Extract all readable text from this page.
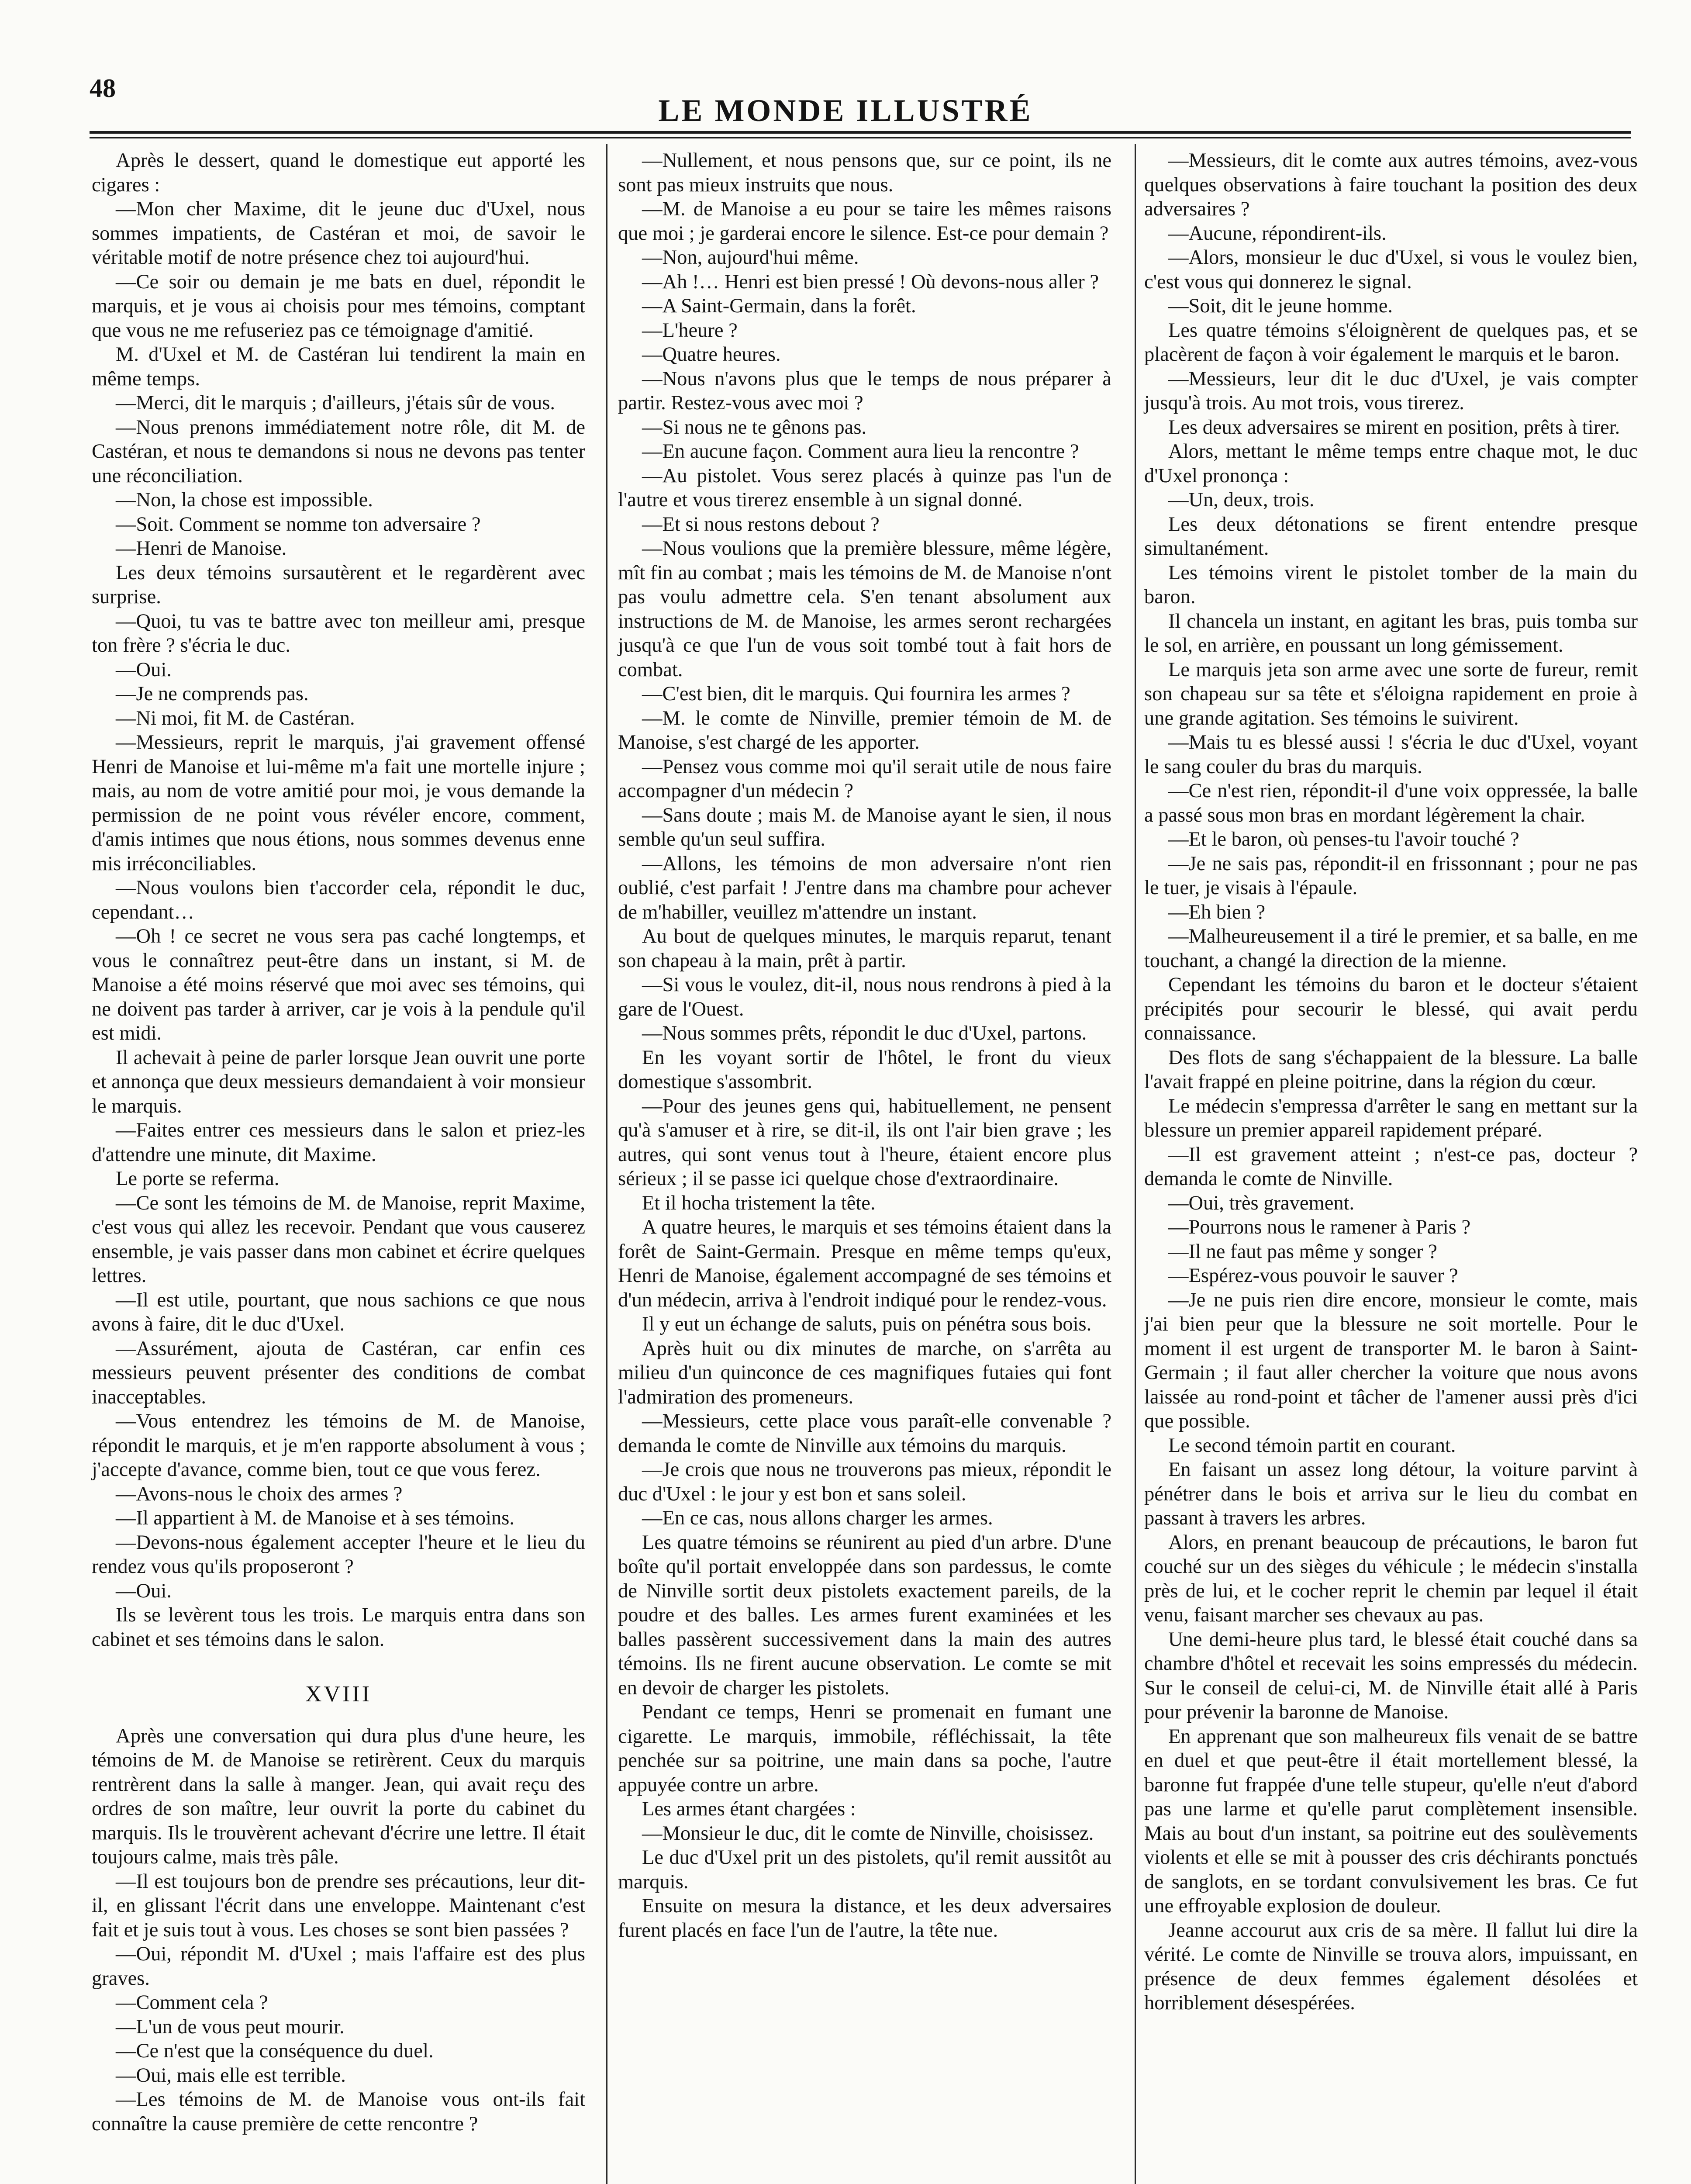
48
LE MONDE ILLUSTRÉ

Après le dessert, quand le domestique eut apporté les cigares :

—Mon cher Maxime, dit le jeune duc d'Uxel, nous sommes impatients, de Castéran et moi, de savoir le véritable motif de notre présence chez toi aujourd'hui.

—Ce soir ou demain je me bats en duel, répondit le marquis, et je vous ai choisis pour mes témoins, comptant que vous ne me refuseriez pas ce témoignage d'amitié.

M. d'Uxel et M. de Castéran lui tendirent la main en même temps.

—Merci, dit le marquis ; d'ailleurs, j'étais sûr de vous.

—Nous prenons immédiatement notre rôle, dit M. de Castéran, et nous te demandons si nous ne devons pas tenter une réconciliation.

—Non, la chose est impossible.

—Soit. Comment se nomme ton adversaire ?

—Henri de Manoise.

Les deux témoins sursautèrent et le regardèrent avec surprise.

—Quoi, tu vas te battre avec ton meilleur ami, presque ton frère ? s'écria le duc.

—Oui.

—Je ne comprends pas.

—Ni moi, fit M. de Castéran.

—Messieurs, reprit le marquis, j'ai gravement offensé Henri de Manoise et lui-même m'a fait une mortelle injure ; mais, au nom de votre amitié pour moi, je vous demande la permission de ne point vous révéler encore, comment, d'amis intimes que nous étions, nous sommes devenus enne mis irréconciliables.

—Nous voulons bien t'accorder cela, répondit le duc, cependant…

—Oh ! ce secret ne vous sera pas caché longtemps, et vous le connaîtrez peut-être dans un instant, si M. de Manoise a été moins réservé que moi avec ses témoins, qui ne doivent pas tarder à arriver, car je vois à la pendule qu'il est midi.

Il achevait à peine de parler lorsque Jean ouvrit une porte et annonça que deux messieurs demandaient à voir monsieur le marquis.

—Faites entrer ces messieurs dans le salon et priez-les d'attendre une minute, dit Maxime.

Le porte se referma.

—Ce sont les témoins de M. de Manoise, reprit Maxime, c'est vous qui allez les recevoir. Pendant que vous causerez ensemble, je vais passer dans mon cabinet et écrire quelques lettres.

—Il est utile, pourtant, que nous sachions ce que nous avons à faire, dit le duc d'Uxel.

—Assurément, ajouta de Castéran, car enfin ces messieurs peuvent présenter des conditions de combat inacceptables.

—Vous entendrez les témoins de M. de Manoise, répondit le marquis, et je m'en rapporte absolument à vous ; j'accepte d'avance, comme bien, tout ce que vous ferez.

—Avons-nous le choix des armes ?

—Il appartient à M. de Manoise et à ses témoins.

—Devons-nous également accepter l'heure et le lieu du rendez vous qu'ils proposeront ?

—Oui.

Ils se levèrent tous les trois. Le marquis entra dans son cabinet et ses témoins dans le salon.

XVIII

Après une conversation qui dura plus d'une heure, les témoins de M. de Manoise se retirèrent. Ceux du marquis rentrèrent dans la salle à manger. Jean, qui avait reçu des ordres de son maître, leur ouvrit la porte du cabinet du marquis. Ils le trouvèrent achevant d'écrire une lettre. Il était toujours calme, mais très pâle.

—Il est toujours bon de prendre ses précautions, leur dit-il, en glissant l'écrit dans une enveloppe. Maintenant c'est fait et je suis tout à vous. Les choses se sont bien passées ?

—Oui, répondit M. d'Uxel ; mais l'affaire est des plus graves.

—Comment cela ?

—L'un de vous peut mourir.

—Ce n'est que la conséquence du duel.

—Oui, mais elle est terrible.

—Les témoins de M. de Manoise vous ont-ils fait connaître la cause première de cette rencontre ?

—Nullement, et nous pensons que, sur ce point, ils ne sont pas mieux instruits que nous.

—M. de Manoise a eu pour se taire les mêmes raisons que moi ; je garderai encore le silence. Est-ce pour demain ?

—Non, aujourd'hui même.

—Ah !… Henri est bien pressé ! Où devons-nous aller ?

—A Saint-Germain, dans la forêt.

—L'heure ?

—Quatre heures.

—Nous n'avons plus que le temps de nous préparer à partir. Restez-vous avec moi ?

—Si nous ne te gênons pas.

—En aucune façon. Comment aura lieu la rencontre ?

—Au pistolet. Vous serez placés à quinze pas l'un de l'autre et vous tirerez ensemble à un signal donné.

—Et si nous restons debout ?

—Nous voulions que la première blessure, même légère, mît fin au combat ; mais les témoins de M. de Manoise n'ont pas voulu admettre cela. S'en tenant absolument aux instructions de M. de Manoise, les armes seront rechargées jusqu'à ce que l'un de vous soit tombé tout à fait hors de combat.

—C'est bien, dit le marquis. Qui fournira les armes ?

—M. le comte de Ninville, premier témoin de M. de Manoise, s'est chargé de les apporter.

—Pensez vous comme moi qu'il serait utile de nous faire accompagner d'un médecin ?

—Sans doute ; mais M. de Manoise ayant le sien, il nous semble qu'un seul suffira.

—Allons, les témoins de mon adversaire n'ont rien oublié, c'est parfait ! J'entre dans ma chambre pour achever de m'habiller, veuillez m'attendre un instant.

Au bout de quelques minutes, le marquis reparut, tenant son chapeau à la main, prêt à partir.

—Si vous le voulez, dit-il, nous nous rendrons à pied à la gare de l'Ouest.

—Nous sommes prêts, répondit le duc d'Uxel, partons.

En les voyant sortir de l'hôtel, le front du vieux domestique s'assombrit.

—Pour des jeunes gens qui, habituellement, ne pensent qu'à s'amuser et à rire, se dit-il, ils ont l'air bien grave ; les autres, qui sont venus tout à l'heure, étaient encore plus sérieux ; il se passe ici quelque chose d'extraordinaire.

Et il hocha tristement la tête.

A quatre heures, le marquis et ses témoins étaient dans la forêt de Saint-Germain. Presque en même temps qu'eux, Henri de Manoise, également accompagné de ses témoins et d'un médecin, arriva à l'endroit indiqué pour le rendez-vous.

Il y eut un échange de saluts, puis on pénétra sous bois.

Après huit ou dix minutes de marche, on s'arrêta au milieu d'un quinconce de ces magnifiques futaies qui font l'admiration des promeneurs.

—Messieurs, cette place vous paraît-elle convenable ? demanda le comte de Ninville aux témoins du marquis.

—Je crois que nous ne trouverons pas mieux, répondit le duc d'Uxel : le jour y est bon et sans soleil.

—En ce cas, nous allons charger les armes.

Les quatre témoins se réunirent au pied d'un arbre. D'une boîte qu'il portait enveloppée dans son pardessus, le comte de Ninville sortit deux pistolets exactement pareils, de la poudre et des balles. Les armes furent examinées et les balles passèrent successivement dans la main des autres témoins. Ils ne firent aucune observation. Le comte se mit en devoir de charger les pistolets.

Pendant ce temps, Henri se promenait en fumant une cigarette. Le marquis, immobile, réfléchissait, la tête penchée sur sa poitrine, une main dans sa poche, l'autre appuyée contre un arbre.

Les armes étant chargées :

—Monsieur le duc, dit le comte de Ninville, choisissez.

Le duc d'Uxel prit un des pistolets, qu'il remit aussitôt au marquis.

Ensuite on mesura la distance, et les deux adversaires furent placés en face l'un de l'autre, la tête nue.

—Messieurs, dit le comte aux autres témoins, avez-vous quelques observations à faire touchant la position des deux adversaires ?

—Aucune, répondirent-ils.

—Alors, monsieur le duc d'Uxel, si vous le voulez bien, c'est vous qui donnerez le signal.

—Soit, dit le jeune homme.

Les quatre témoins s'éloignèrent de quelques pas, et se placèrent de façon à voir également le marquis et le baron.

—Messieurs, leur dit le duc d'Uxel, je vais compter jusqu'à trois. Au mot trois, vous tirerez.

Les deux adversaires se mirent en position, prêts à tirer.

Alors, mettant le même temps entre chaque mot, le duc d'Uxel prononça :

—Un, deux, trois.

Les deux détonations se firent entendre presque simultanément.

Les témoins virent le pistolet tomber de la main du baron.

Il chancela un instant, en agitant les bras, puis tomba sur le sol, en arrière, en poussant un long gémissement.

Le marquis jeta son arme avec une sorte de fureur, remit son chapeau sur sa tête et s'éloigna rapidement en proie à une grande agitation. Ses témoins le suivirent.

—Mais tu es blessé aussi ! s'écria le duc d'Uxel, voyant le sang couler du bras du marquis.

—Ce n'est rien, répondit-il d'une voix oppressée, la balle a passé sous mon bras en mordant légèrement la chair.

—Et le baron, où penses-tu l'avoir touché ?

—Je ne sais pas, répondit-il en frissonnant ; pour ne pas le tuer, je visais à l'épaule.

—Eh bien ?

—Malheureusement il a tiré le premier, et sa balle, en me touchant, a changé la direction de la mienne.

Cependant les témoins du baron et le docteur s'étaient précipités pour secourir le blessé, qui avait perdu connaissance.

Des flots de sang s'échappaient de la blessure. La balle l'avait frappé en pleine poitrine, dans la région du cœur.

Le médecin s'empressa d'arrêter le sang en mettant sur la blessure un premier appareil rapidement préparé.

—Il est gravement atteint ; n'est-ce pas, docteur ? demanda le comte de Ninville.

—Oui, très gravement.

—Pourrons nous le ramener à Paris ?

—Il ne faut pas même y songer ?

—Espérez-vous pouvoir le sauver ?

—Je ne puis rien dire encore, monsieur le comte, mais j'ai bien peur que la blessure ne soit mortelle. Pour le moment il est urgent de transporter M. le baron à Saint-Germain ; il faut aller chercher la voiture que nous avons laissée au rond-point et tâcher de l'amener aussi près d'ici que possible.

Le second témoin partit en courant.

En faisant un assez long détour, la voiture parvint à pénétrer dans le bois et arriva sur le lieu du combat en passant à travers les arbres.

Alors, en prenant beaucoup de précautions, le baron fut couché sur un des sièges du véhicule ; le médecin s'installa près de lui, et le cocher reprit le chemin par lequel il était venu, faisant marcher ses chevaux au pas.

Une demi-heure plus tard, le blessé était couché dans sa chambre d'hôtel et recevait les soins empressés du médecin. Sur le conseil de celui-ci, M. de Ninville était allé à Paris pour prévenir la baronne de Manoise.

En apprenant que son malheureux fils venait de se battre en duel et que peut-être il était mortellement blessé, la baronne fut frappée d'une telle stupeur, qu'elle n'eut d'abord pas une larme et qu'elle parut complètement insensible. Mais au bout d'un instant, sa poitrine eut des soulèvements violents et elle se mit à pousser des cris déchirants ponctués de sanglots, en se tordant convulsivement les bras. Ce fut une effroyable explosion de douleur.

Jeanne accourut aux cris de sa mère. Il fallut lui dire la vérité. Le comte de Ninville se trouva alors, impuissant, en présence de deux femmes également désolées et horriblement désespérées.
